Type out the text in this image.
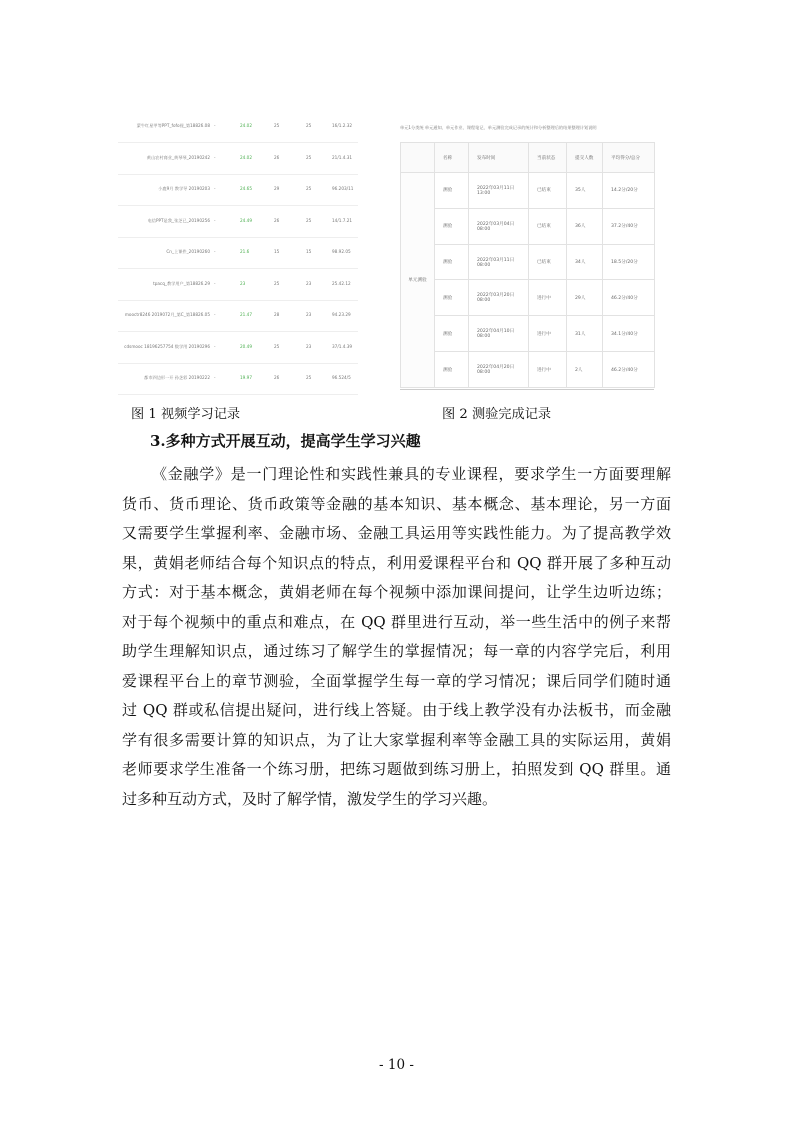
蒙牛红星甲等PPT_fofo视_第18826.08 -	24.02	25	25	16/1.2.32
黄山农村商业_黄琴琴_20190242 -	24.02	26	25	21/1.4.31
小鹿9月 教学导 20190203 -	24.65	29	25	96.203/11
电信PPT是我_张芝已_20190256 -	24.49	26	25	14/1.7.21
Cn_上课件_20190260 -	21.6	15	15	98.92.05
tpacq_教学用户_第18826.29 -	23	25	23	25.42.12
mooctr8246 2019072月_第C_第18826.05 -	21.47	28	23	94.23.29
cdsmooc 18196257754 数学用 20190296 -	20.49	25	23	37/1.4.39
都市四边形一开 孙芝彩 20190222 -	19.97	26	25	96.524/5
单元1分类统 单元通知、单元作业、课程笔记、单元测验完成记录的统计和分析整理后的结果整理计划说明
	名称	发布时间	当前状态	提交人数	平均得分/总分
单元测验	测验	2022年03月11日 13:00	已结束	35人	14.2分/20分
	测验	2022年03月04日 08:00	已结束	36人	37.2分/40分
	测验	2022年03月11日 08:00	已结束	34人	18.5分/20分
	测验	2022年03月20日 08:00	进行中	29人	46.2分/40分
	测验	2022年04月10日 08:00	进行中	31人	34.1分/40分
	测验	2022年04月20日 08:00	进行中	2人	46.2分/40分
图 1 视频学习记录	图 2 测验完成记录
3.多种方式开展互动，提高学生学习兴趣
《金融学》是一门理论性和实践性兼具的专业课程，要求学生一方面要理解
货币、货币理论、货币政策等金融的基本知识、基本概念、基本理论，另一方面
又需要学生掌握利率、金融市场、金融工具运用等实践性能力。为了提高教学效
果，黄娟老师结合每个知识点的特点，利用爱课程平台和 QQ 群开展了多种互动
方式：对于基本概念，黄娟老师在每个视频中添加课间提问，让学生边听边练；
对于每个视频中的重点和难点，在 QQ 群里进行互动，举一些生活中的例子来帮
助学生理解知识点，通过练习了解学生的掌握情况；每一章的内容学完后，利用
爱课程平台上的章节测验，全面掌握学生每一章的学习情况；课后同学们随时通
过 QQ 群或私信提出疑问，进行线上答疑。由于线上教学没有办法板书，而金融
学有很多需要计算的知识点，为了让大家掌握利率等金融工具的实际运用，黄娟
老师要求学生准备一个练习册，把练习题做到练习册上，拍照发到 QQ 群里。通
过多种互动方式，及时了解学情，激发学生的学习兴趣。
- 10 -
